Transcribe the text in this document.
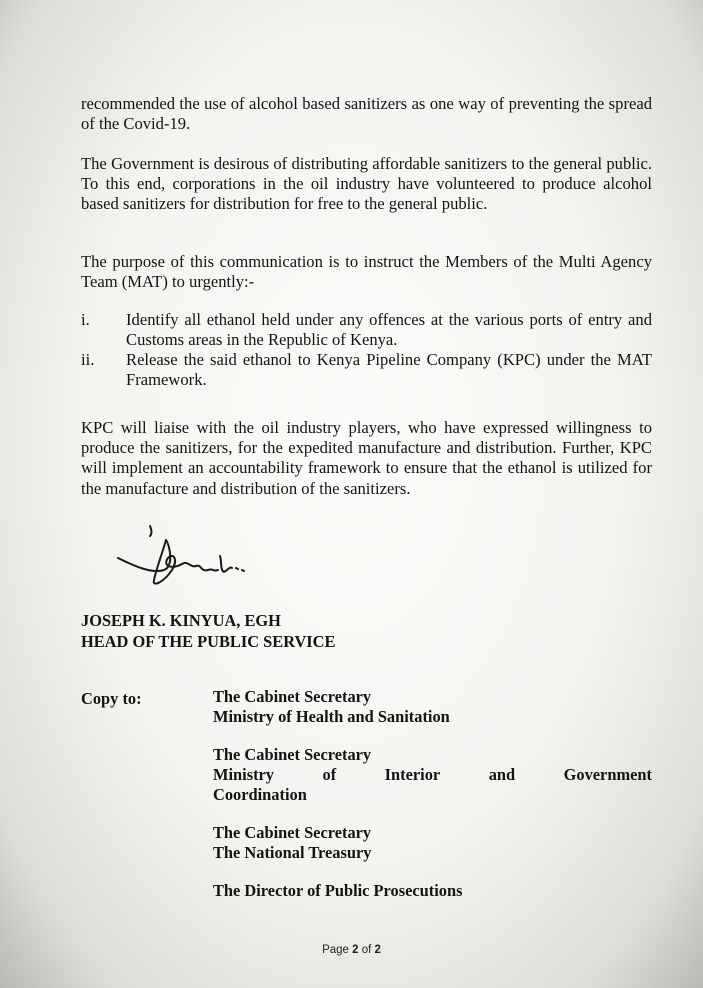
recommended the use of alcohol based sanitizers as one way of preventing the spread of the Covid-19.

The Government is desirous of distributing affordable sanitizers to the general public. To this end, corporations in the oil industry have volunteered to produce alcohol based sanitizers for distribution for free to the general public.

The purpose of this communication is to instruct the Members of the Multi Agency Team (MAT) to urgently:-

i. Identify all ethanol held under any offences at the various ports of entry and Customs areas in the Republic of Kenya.
ii. Release the said ethanol to Kenya Pipeline Company (KPC) under the MAT Framework.

KPC will liaise with the oil industry players, who have expressed willingness to produce the sanitizers, for the expedited manufacture and distribution. Further, KPC will implement an accountability framework to ensure that the ethanol is utilized for the manufacture and distribution of the sanitizers.

JOSEPH K. KINYUA, EGH
HEAD OF THE PUBLIC SERVICE
Copy to:	The Cabinet Secretary
Ministry of Health and Sanitation
The Cabinet Secretary
Ministry	of	Interior	and	Government
Coordination
The Cabinet Secretary
The National Treasury
The Director of Public Prosecutions
Page 2 of 2
